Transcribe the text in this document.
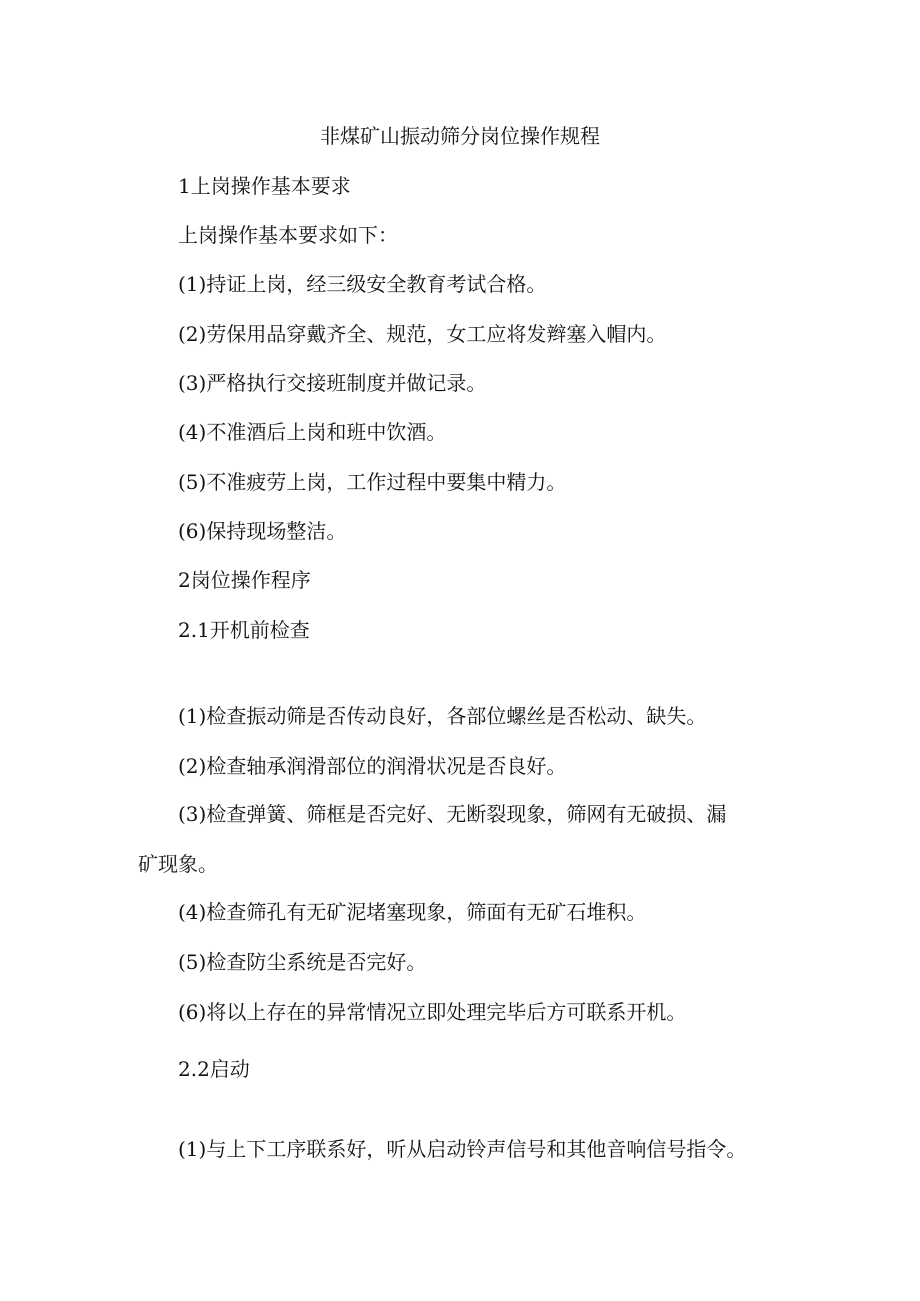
非煤矿山振动筛分岗位操作规程

1上岗操作基本要求

上岗操作基本要求如下：

(1)持证上岗，经三级安全教育考试合格。

(2)劳保用品穿戴齐全、规范，女工应将发辫塞入帽内。

(3)严格执行交接班制度并做记录。

(4)不准酒后上岗和班中饮酒。

(5)不准疲劳上岗，工作过程中要集中精力。

(6)保持现场整洁。

2岗位操作程序

2.1开机前检查

(1)检查振动筛是否传动良好，各部位螺丝是否松动、缺失。

(2)检查轴承润滑部位的润滑状况是否良好。

(3)检查弹簧、筛框是否完好、无断裂现象，筛网有无破损、漏

矿现象。

(4)检查筛孔有无矿泥堵塞现象，筛面有无矿石堆积。

(5)检查防尘系统是否完好。

(6)将以上存在的异常情况立即处理完毕后方可联系开机。

2.2启动

(1)与上下工序联系好，听从启动铃声信号和其他音响信号指令。
